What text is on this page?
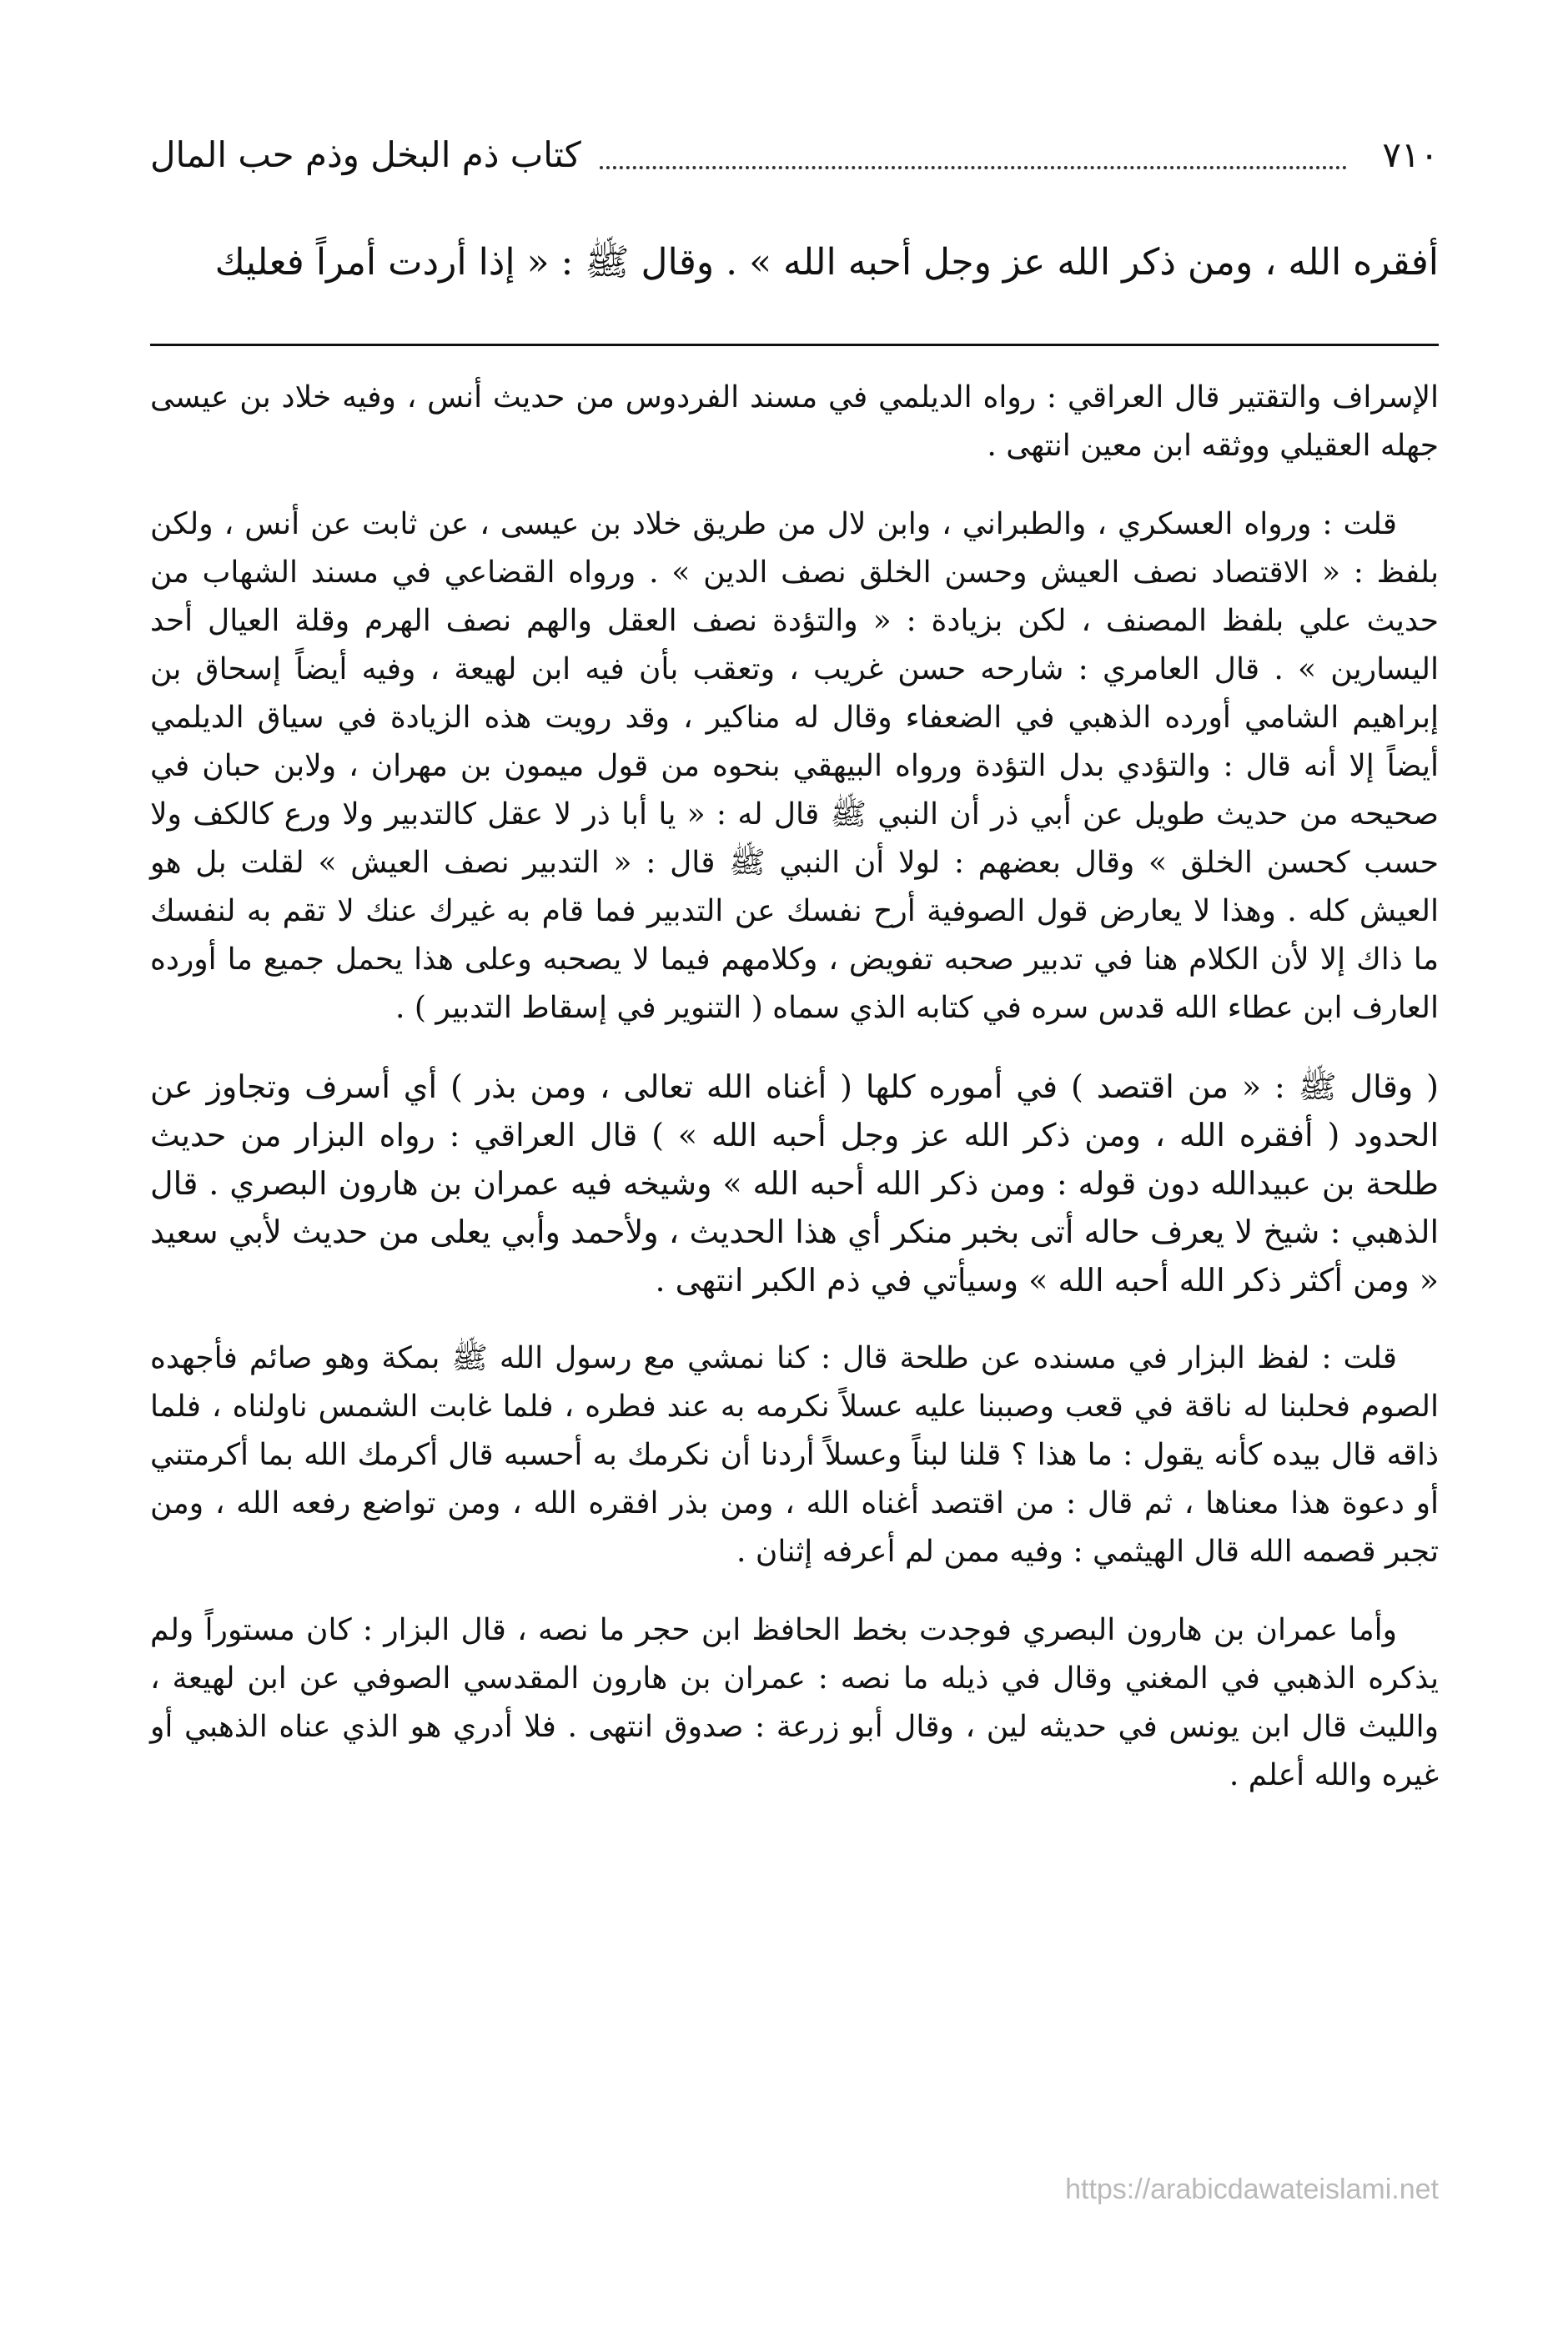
٧١٠
كتاب ذم البخل وذم حب المال
أفقره الله ، ومن ذكر الله عز وجل أحبه الله » . وقال ﷺ : « إذا أردت أمراً فعليك

الإسراف والتقتير قال العراقي : رواه الديلمي في مسند الفردوس من حديث أنس ، وفيه خلاد بن عيسى جهله العقيلي ووثقه ابن معين انتهى .

قلت : ورواه العسكري ، والطبراني ، وابن لال من طريق خلاد بن عيسى ، عن ثابت عن أنس ، ولكن بلفظ : « الاقتصاد نصف العيش وحسن الخلق نصف الدين » . ورواه القضاعي في مسند الشهاب من حديث علي بلفظ المصنف ، لكن بزيادة : « والتؤدة نصف العقل والهم نصف الهرم وقلة العيال أحد اليسارين » . قال العامري : شارحه حسن غريب ، وتعقب بأن فيه ابن لهيعة ، وفيه أيضاً إسحاق بن إبراهيم الشامي أورده الذهبي في الضعفاء وقال له مناكير ، وقد رويت هذه الزيادة في سياق الديلمي أيضاً إلا أنه قال : والتؤدي بدل التؤدة ورواه البيهقي بنحوه من قول ميمون بن مهران ، ولابن حبان في صحيحه من حديث طويل عن أبي ذر أن النبي ﷺ قال له : « يا أبا ذر لا عقل كالتدبير ولا ورع كالكف ولا حسب كحسن الخلق » وقال بعضهم : لولا أن النبي ﷺ قال : « التدبير نصف العيش » لقلت بل هو العيش كله . وهذا لا يعارض قول الصوفية أرح نفسك عن التدبير فما قام به غيرك عنك لا تقم به لنفسك ما ذاك إلا لأن الكلام هنا في تدبير صحبه تفويض ، وكلامهم فيما لا يصحبه وعلى هذا يحمل جميع ما أورده العارف ابن عطاء الله قدس سره في كتابه الذي سماه ( التنوير في إسقاط التدبير ) .

( وقال ﷺ : « من اقتصد ) في أموره كلها ( أغناه الله تعالى ، ومن بذر ) أي أسرف وتجاوز عن الحدود ( أفقره الله ، ومن ذكر الله عز وجل أحبه الله » ) قال العراقي : رواه البزار من حديث طلحة بن عبيدالله دون قوله : ومن ذكر الله أحبه الله » وشيخه فيه عمران بن هارون البصري . قال الذهبي : شيخ لا يعرف حاله أتى بخبر منكر أي هذا الحديث ، ولأحمد وأبي يعلى من حديث لأبي سعيد « ومن أكثر ذكر الله أحبه الله » وسيأتي في ذم الكبر انتهى .

قلت : لفظ البزار في مسنده عن طلحة قال : كنا نمشي مع رسول الله ﷺ بمكة وهو صائم فأجهده الصوم فحلبنا له ناقة في قعب وصببنا عليه عسلاً نكرمه به عند فطره ، فلما غابت الشمس ناولناه ، فلما ذاقه قال بيده كأنه يقول : ما هذا ؟ قلنا لبناً وعسلاً أردنا أن نكرمك به أحسبه قال أكرمك الله بما أكرمتني أو دعوة هذا معناها ، ثم قال : من اقتصد أغناه الله ، ومن بذر افقره الله ، ومن تواضع رفعه الله ، ومن تجبر قصمه الله قال الهيثمي : وفيه ممن لم أعرفه إثنان .

وأما عمران بن هارون البصري فوجدت بخط الحافظ ابن حجر ما نصه ، قال البزار : كان مستوراً ولم يذكره الذهبي في المغني وقال في ذيله ما نصه : عمران بن هارون المقدسي الصوفي عن ابن لهيعة ، والليث قال ابن يونس في حديثه لين ، وقال أبو زرعة : صدوق انتهى . فلا أدري هو الذي عناه الذهبي أو غيره والله أعلم .

https://arabicdawateislami.net
